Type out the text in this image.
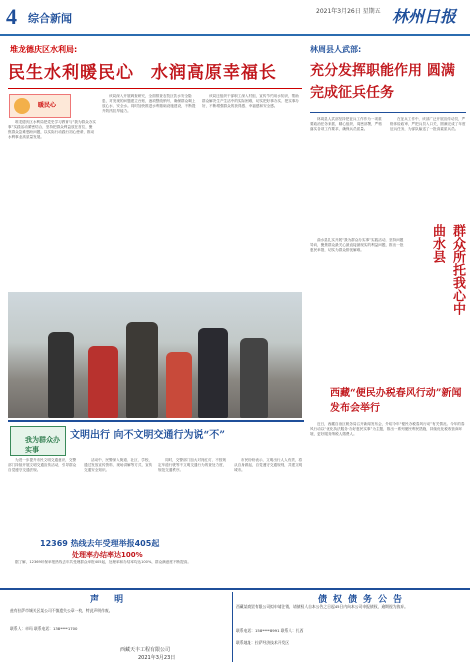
4 综合新闻
2021年3月26日 星期五 林州日报
堆龙德庆区水利局:
民生水利暖民心 水润高原幸福长
暖民心

堆龙德庆区水利局把党史学习教育与“我为群众办实事”实践活动紧密结合，坚持把群众利益放在首位，聚焦群众急难愁盼问题，以实际行动践行初心使命，推动水利事业高质量发展。

该局深入开展调查研究，全面排查农牧区饮水安全隐患，对发现的问题建立台账，逐项整改销号，确保群众喝上放心水、安全水。同时加快推进水利基础设施建设，不断提升防汛抗旱能力。

该局还组织干部职工深入村组，宣传节约用水知识，帮助群众解决生产生活中的实际困难，切实把好事办实、把实事办好，不断增强群众的获得感、幸福感和安全感。

林周县人武部:
充分发挥职能作用 圆满完成征兵任务

林周县人武部坚持把征兵工作作为一项重要政治任务来抓，精心组织，周密部署，严格落实各项工作要求，确保兵员质量。

在征兵工作中，该部广泛开展宣传动员，严格体检政审，严把兵员入口关，圆满完成了年度征兵任务，为部队输送了一批高素质兵员。

群众所托我心中
曲水县

曲水县扎实开展“我为群众办实事”实践活动，坚持问题导向，聚焦群众最关心最直接最现实的利益问题，推出一批惠民举措，切实为群众排忧解难。

西藏“便民办税春风行动”新闻发布会举行

近日，西藏自治区税务局召开新闻发布会，介绍今年“便民办税春风行动”有关情况。今年的春风行动以“优化执法服务·办好惠民实事”为主题，推出一系列便民利民措施，持续优化税收营商环境，更好服务纳税人缴费人。

我为群众办实事
文明出行 向不文明交通行为说“不”

为进一步提升市民文明交通意识，交警部门持续开展文明交通宣传活动，引导群众自觉遵守交通法规。

活动中，民警深入街道、社区、学校，通过发放宣传资料、现场讲解等方式，宣传交通安全知识。

同时，交警部门加大对闯红灯、不按规定车道行驶等不文明交通行为的查处力度，规范交通秩序。

市民纷纷表示，文明出行人人有责，将从自身做起，自觉遵守交通规则，共建文明城市。

12369 热线去年受理举报405起
处理率办结率达100%

据了解，12369环保举报热线去年共受理群众举报405起，处理率和办结率均达100%，群众满意度不断提高。

声 明	债权债务公告
兹有拉萨市城关区某公司不慎遗失公章一枚，特此声明作废。
联系人：卓玛 联系电话：138****1700
西藏天丰工程有限公司
2021年3月23日
西藏某商贸有限公司拟申请注销，请债权人自本公告之日起45日内向本公司申报债权，逾期视为放弃。
联系电话：158****8991 联系人：扎西
联系地址：拉萨经济技术开发区
